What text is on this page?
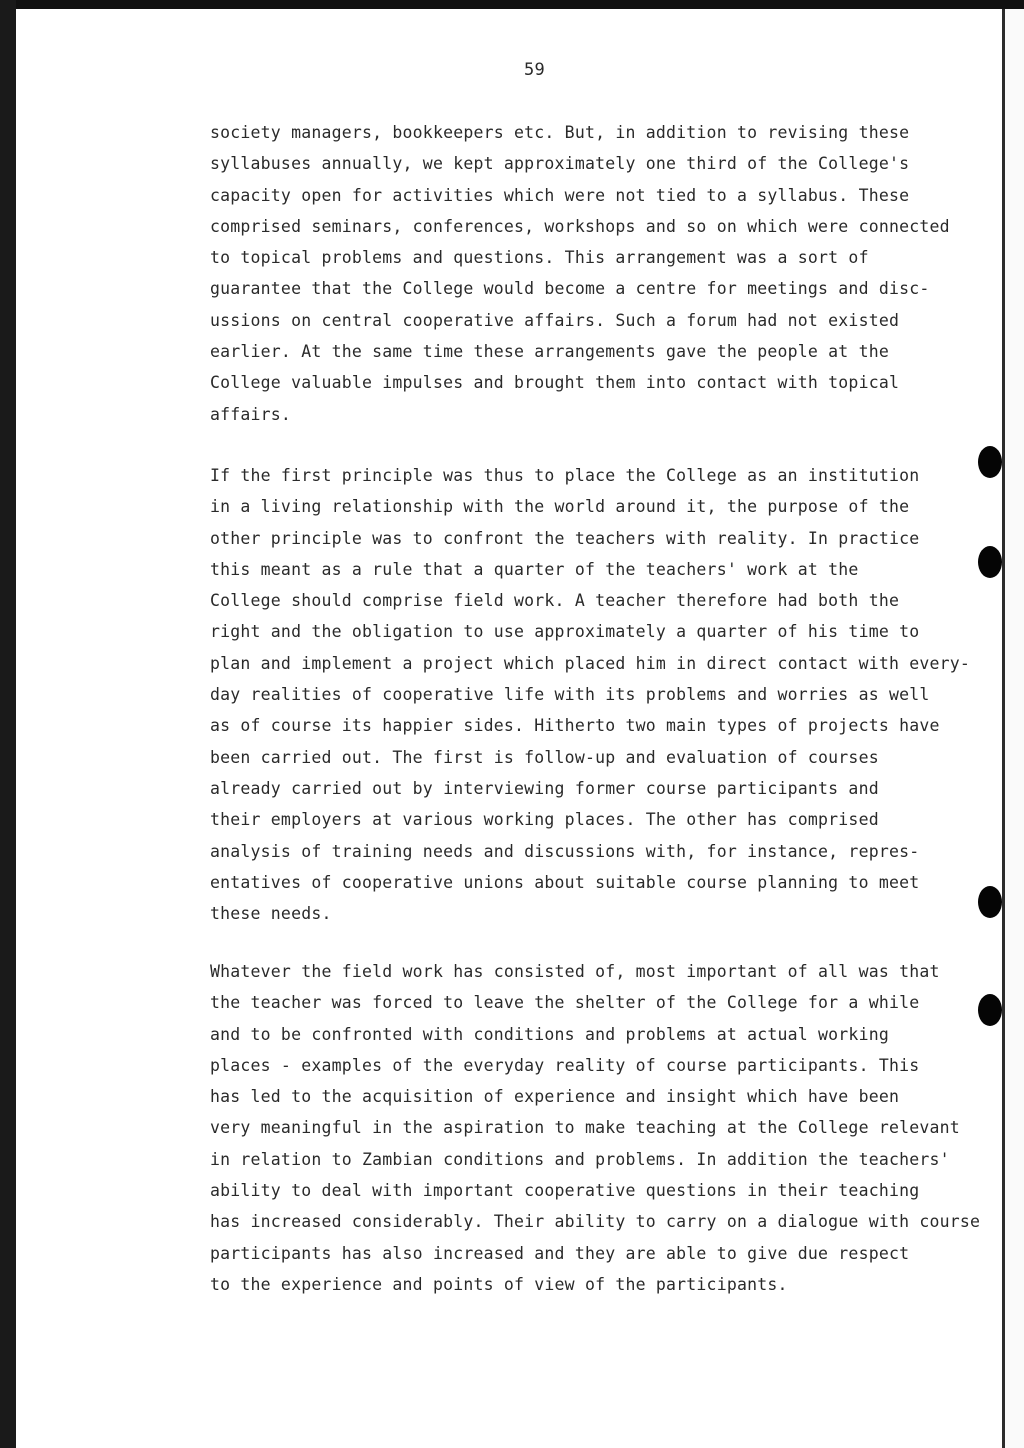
59
society managers, bookkeepers etc. But, in addition to revising these
syllabuses annually, we kept approximately one third of the College's
capacity open for activities which were not tied to a syllabus. These
comprised seminars, conferences, workshops and so on which were connected
to topical problems and questions. This arrangement was a sort of
guarantee that the College would become a centre for meetings and disc-
ussions on central cooperative affairs. Such a forum had not existed
earlier. At the same time these arrangements gave the people at the
College valuable impulses and brought them into contact with topical
affairs.
If the first principle was thus to place the College as an institution
in a living relationship with the world around it, the purpose of the
other principle was to confront the teachers with reality. In practice
this meant as a rule that a quarter of the teachers' work at the
College should comprise field work. A teacher therefore had both the
right and the obligation to use approximately a quarter of his time to
plan and implement a project which placed him in direct contact with every-
day realities of cooperative life with its problems and worries as well
as of course its happier sides. Hitherto two main types of projects have
been carried out. The first is follow-up and evaluation of courses
already carried out by interviewing former course participants and
their employers at various working places. The other has comprised
analysis of training needs and discussions with, for instance, repres-
entatives of cooperative unions about suitable course planning to meet
these needs.
Whatever the field work has consisted of, most important of all was that
the teacher was forced to leave the shelter of the College for a while
and to be confronted with conditions and problems at actual working
places - examples of the everyday reality of course participants. This
has led to the acquisition of experience and insight which have been
very meaningful in the aspiration to make teaching at the College relevant
in relation to Zambian conditions and problems. In addition the teachers'
ability to deal with important cooperative questions in their teaching
has increased considerably. Their ability to carry on a dialogue with course
participants has also increased and they are able to give due respect
to the experience and points of view of the participants.
